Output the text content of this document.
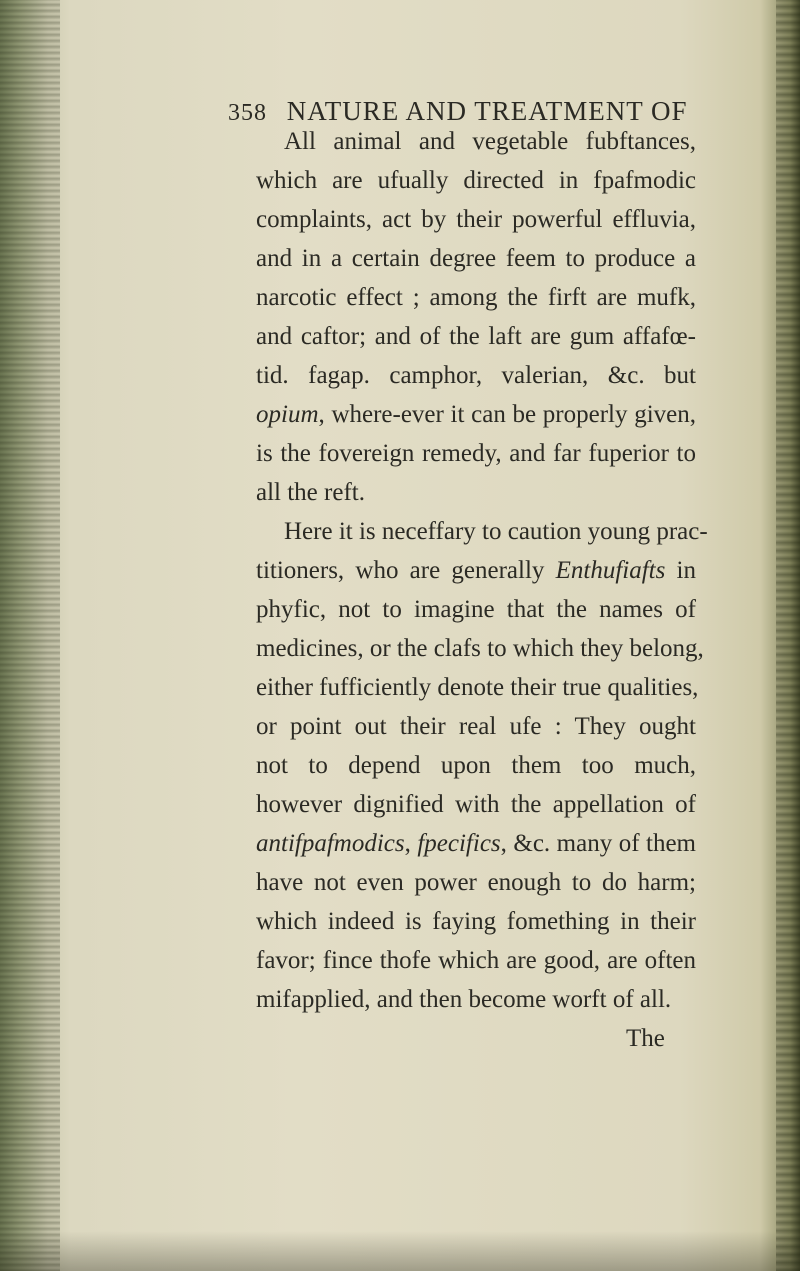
358 NATURE AND TREATMENT OF
All animal and vegetable fubftances,
which are ufually directed in fpafmodic
complaints, act by their powerful effluvia,
and in a certain degree feem to produce a
narcotic effect ; among the firft are mufk,
and caftor; and of the laft are gum affafœ-
tid. fagap. camphor, valerian, &c. but
opium, where-ever it can be properly given,
is the fovereign remedy, and far fuperior to
all the reft.
Here it is neceffary to caution young prac-
titioners, who are generally Enthufiafts in
phyfic, not to imagine that the names of
medicines, or the clafs to which they belong,
either fufficiently denote their true qualities,
or point out their real ufe : They ought
not to depend upon them too much,
however dignified with the appellation of
antifpafmodics, fpecifics, &c. many of them
have not even power enough to do harm;
which indeed is faying fomething in their
favor; fince thofe which are good, are often
mifapplied, and then become worft of all.
The
